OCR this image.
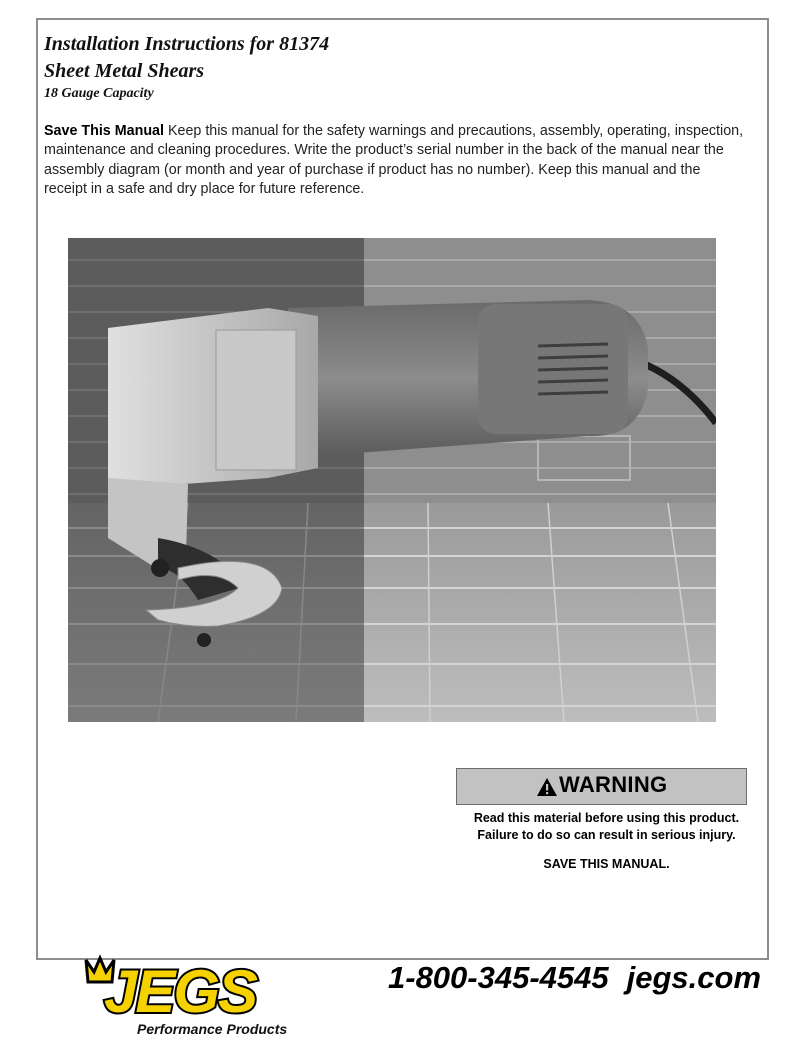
Installation Instructions for 81374
Sheet Metal Shears
18 Gauge Capacity
Save This Manual Keep this manual for the safety warnings and precautions, assembly, operating, inspection, maintenance and cleaning procedures. Write the product’s serial number in the back of the manual near the assembly diagram (or month and year of purchase if product has no number). Keep this manual and the receipt in a safe and dry place for future reference.
WARNING
Read this material before using this product.
Failure to do so can result in serious injury.
SAVE THIS MANUAL.
JEGS
Performance Products
1-800-345-4545 jegs.com
